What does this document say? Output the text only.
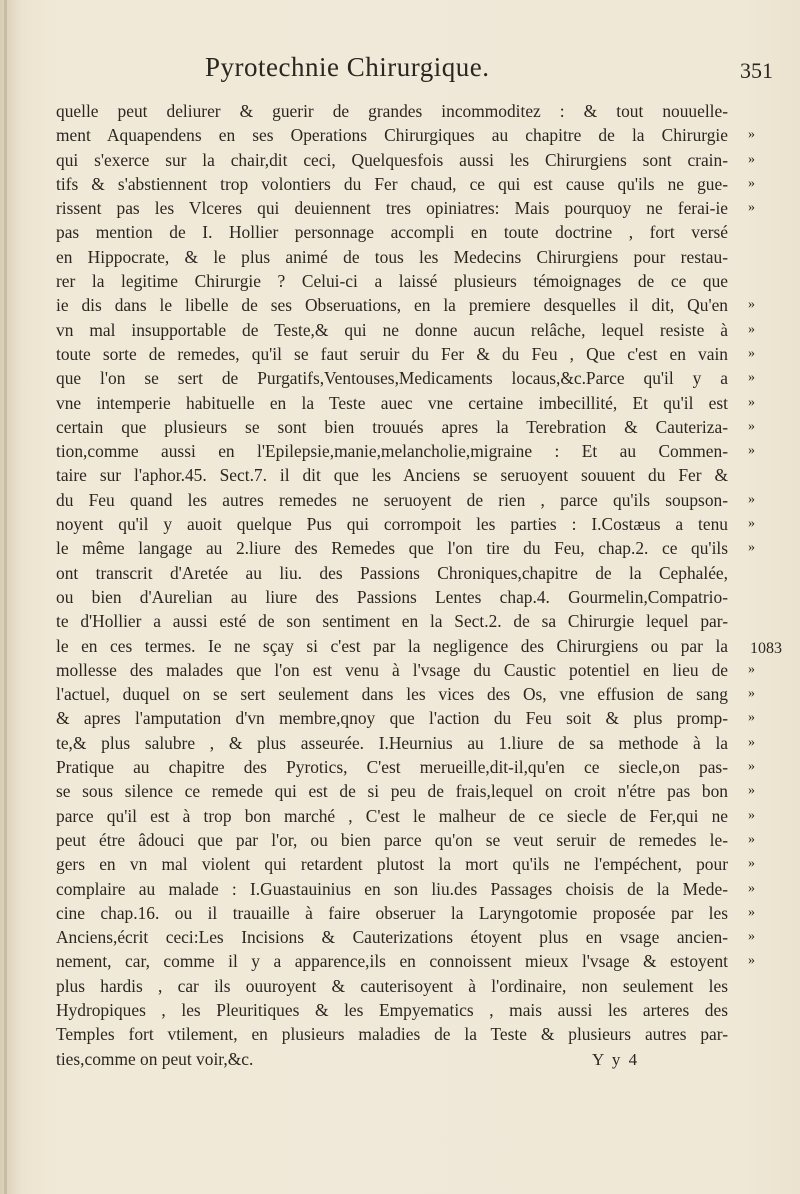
Pyrotechnie Chirurgique.	351
quelle peut deliurer & guerir de grandes incommoditez : & tout nouuelle-
ment Aquapendens en ses Operations Chirurgiques au chapitre de la Chirurgie
qui s'exerce sur la chair,dit ceci, Quelquesfois aussi les Chirurgiens sont crain-
tifs & s'abstiennent trop volontiers du Fer chaud, ce qui est cause qu'ils ne gue-
rissent pas les Vlceres qui deuiennent tres opiniatres: Mais pourquoy ne ferai-ie
pas mention de I. Hollier personnage accompli en toute doctrine , fort versé
en Hippocrate, & le plus animé de tous les Medecins Chirurgiens pour restau-
rer la legitime Chirurgie ? Celui-ci a laissé plusieurs témoignages de ce que
ie dis dans le libelle de ses Obseruations, en la premiere desquelles il dit, Qu'en
vn mal insupportable de Teste,& qui ne donne aucun relâche, lequel resiste à
toute sorte de remedes, qu'il se faut seruir du Fer & du Feu , Que c'est en vain
que l'on se sert de Purgatifs,Ventouses,Medicaments locaus,&c.Parce qu'il y a
vne intemperie habituelle en la Teste auec vne certaine imbecillité, Et qu'il est
certain que plusieurs se sont bien trouués apres la Terebration & Cauteriza-
tion,comme aussi en l'Epilepsie,manie,melancholie,migraine : Et au Commen-
taire sur l'aphor.45. Sect.7. il dit que les Anciens se seruoyent souuent du Fer &
du Feu quand les autres remedes ne seruoyent de rien , parce qu'ils soupson-
noyent qu'il y auoit quelque Pus qui corrompoit les parties : I.Costæus a tenu
le même langage au 2.liure des Remedes que l'on tire du Feu, chap.2. ce qu'ils
ont transcrit d'Aretée au liu. des Passions Chroniques,chapitre de la Cephalée,
ou bien d'Aurelian au liure des Passions Lentes chap.4. Gourmelin,Compatrio-
te d'Hollier a aussi esté de son sentiment en la Sect.2. de sa Chirurgie lequel par-
le en ces termes. Ie ne sçay si c'est par la negligence des Chirurgiens ou par la
mollesse des malades que l'on est venu à l'vsage du Caustic potentiel en lieu de
l'actuel, duquel on se sert seulement dans les vices des Os, vne effusion de sang
& apres l'amputation d'vn membre,qnoy que l'action du Feu soit & plus promp-
te,& plus salubre , & plus asseurée. I.Heurnius au 1.liure de sa methode à la
Pratique au chapitre des Pyrotics, C'est merueille,dit-il,qu'en ce siecle,on pas-
se sous silence ce remede qui est de si peu de frais,lequel on croit n'étre pas bon
parce qu'il est à trop bon marché , C'est le malheur de ce siecle de Fer,qui ne
peut étre âdouci que par l'or, ou bien parce qu'on se veut seruir de remedes le-
gers en vn mal violent qui retardent plutost la mort qu'ils ne l'empéchent, pour
complaire au malade : I.Guastauinius en son liu.des Passages choisis de la Mede-
cine chap.16. ou il trauaille à faire obseruer la Laryngotomie proposée par les
Anciens,écrit ceci:Les Incisions & Cauterizations étoyent plus en vsage ancien-
nement, car, comme il y a apparence,ils en connoissent mieux l'vsage & estoyent
plus hardis , car ils ouuroyent & cauterisoyent à l'ordinaire, non seulement les
Hydropiques , les Pleuritiques & les Empyematics , mais aussi les arteres des
Temples fort vtilement, en plusieurs maladies de la Teste & plusieurs autres par-
ties,comme on peut voir,&c.
»
»
»
»
»
»
»
»
»
»
»
»
»
»
»
»
»
»
»
»
»
»
»
»
»
»
»
1083
Y y 4
